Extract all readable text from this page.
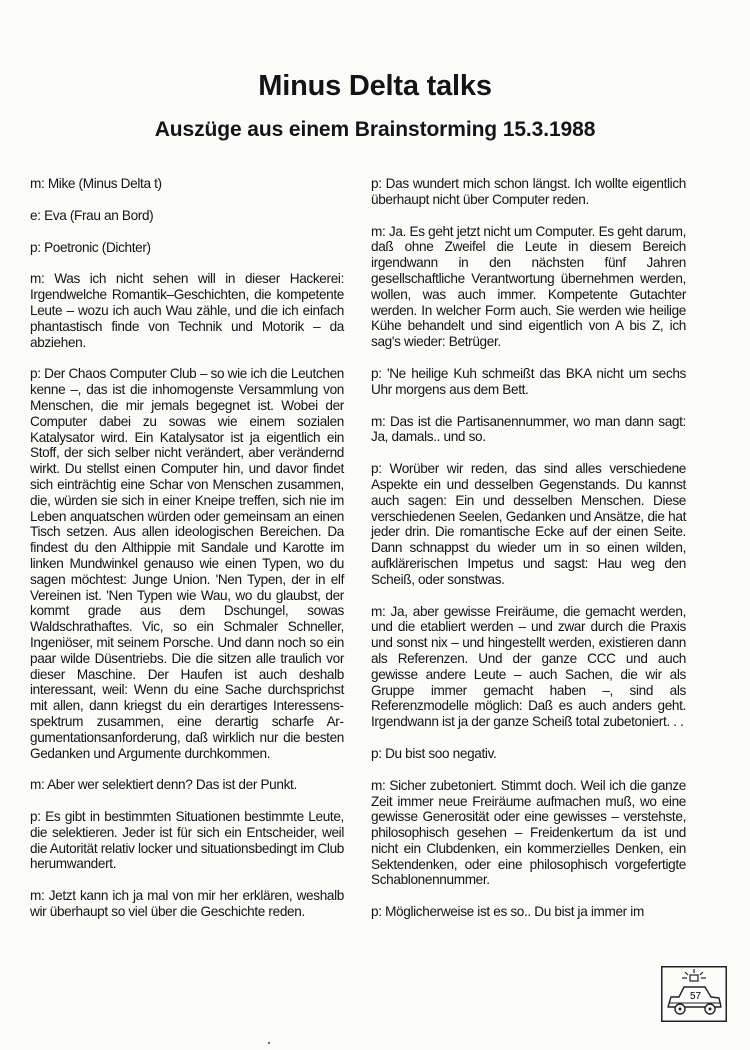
Minus Delta talks
Auszüge aus einem Brainstorming 15.3.1988

m: Mike (Minus Delta t)

e: Eva (Frau an Bord)

p: Poetronic (Dichter)

m: Was ich nicht sehen will in dieser Hackerei: Irgendwelche Romantik–Geschichten, die kompetente Leute – wozu ich auch Wau zähle, und die ich einfach phantastisch finde von Technik und Motorik – da abziehen.

p: Der Chaos Computer Club – so wie ich die Leutchen kenne –, das ist die inhomogenste Versammlung von Menschen, die mir jemals begegnet ist. Wobei der Computer dabei zu sowas wie einem sozialen Katalysator wird. Ein Katalysator ist ja eigentlich ein Stoff, der sich selber nicht verändert, aber verändernd wirkt. Du stellst einen Computer hin, und davor findet sich einträchtig eine Schar von Menschen zusammen, die, würden sie sich in einer Kneipe treffen, sich nie im Leben anquatschen würden oder gemeinsam an einen Tisch setzen. Aus allen ideologischen Bereichen. Da findest du den Althippie mit Sandale und Karotte im linken Mundwinkel genauso wie einen Typen, wo du sagen möchtest: Junge Union. 'Nen Typen, der in elf Vereinen ist. 'Nen Typen wie Wau, wo du glaubst, der kommt grade aus dem Dschungel, sowas Waldschrathaftes. Vic, so ein Schmaler Schneller, Ingeniöser, mit seinem Porsche. Und dann noch so ein paar wilde Düsentriebs. Die die sitzen alle traulich vor dieser Maschine. Der Haufen ist auch deshalb interessant, weil: Wenn du eine Sache durchsprichst mit allen, dann kriegst du ein derartiges Interessensspektrum zusammen, eine derartig scharfe Argumentationsanforderung, daß wirklich nur die besten Gedanken und Argumente durchkommen.

m: Aber wer selektiert denn? Das ist der Punkt.

p: Es gibt in bestimmten Situationen bestimmte Leute, die selektieren. Jeder ist für sich ein Entscheider, weil die Autorität relativ locker und situationsbedingt im Club herumwandert.

m: Jetzt kann ich ja mal von mir her erklären, weshalb wir überhaupt so viel über die Geschichte reden.

p: Das wundert mich schon längst. Ich wollte eigentlich überhaupt nicht über Computer reden.

m: Ja. Es geht jetzt nicht um Computer. Es geht darum, daß ohne Zweifel die Leute in diesem Bereich irgendwann in den nächsten fünf Jahren gesellschaftliche Verantwortung übernehmen werden, wollen, was auch immer. Kompetente Gutachter werden. In welcher Form auch. Sie werden wie heilige Kühe behandelt und sind eigentlich von A bis Z, ich sag's wieder: Betrüger.

p: 'Ne heilige Kuh schmeißt das BKA nicht um sechs Uhr morgens aus dem Bett.

m: Das ist die Partisanennummer, wo man dann sagt: Ja, damals.. und so.

p: Worüber wir reden, das sind alles verschiedene Aspekte ein und desselben Gegenstands. Du kannst auch sagen: Ein und desselben Menschen. Diese verschiedenen Seelen, Gedanken und Ansätze, die hat jeder drin. Die romantische Ecke auf der einen Seite. Dann schnappst du wieder um in so einen wilden, aufklärerischen Impetus und sagst: Hau weg den Scheiß, oder sonstwas.

m: Ja, aber gewisse Freiräume, die gemacht werden, und die etabliert werden – und zwar durch die Praxis und sonst nix – und hingestellt werden, existieren dann als Referenzen. Und der ganze CCC und auch gewisse andere Leute – auch Sachen, die wir als Gruppe immer gemacht haben –, sind als Referenzmodelle möglich: Daß es auch anders geht. Irgendwann ist ja der ganze Scheiß total zubetoniert. . .

p: Du bist soo negativ.

m: Sicher zubetoniert. Stimmt doch. Weil ich die ganze Zeit immer neue Freiräume aufmachen muß, wo eine gewisse Generosität oder eine gewisses – verstehste, philosophisch gesehen – Freidenkertum da ist und nicht ein Clubdenken, ein kommerzielles Denken, ein Sektendenken, oder eine philosophisch vorgefertigte Schablonennummer.

p: Möglicherweise ist es so.. Du bist ja immer im

57
